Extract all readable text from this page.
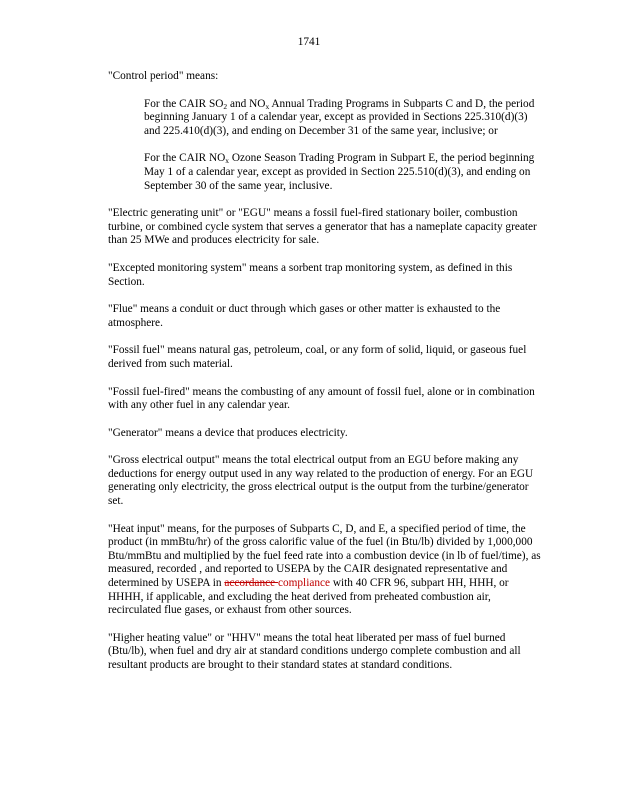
1741

"Control period" means:

For the CAIR $SO_2$ and $NO_x$ Annual Trading Programs in Subparts C and D, the period beginning January 1 of a calendar year, except as provided in Sections 225.310(d)(3) and 225.410(d)(3), and ending on December 31 of the same year, inclusive; or

For the CAIR $NO_x$ Ozone Season Trading Program in Subpart E, the period beginning May 1 of a calendar year, except as provided in Section 225.510(d)(3), and ending on September 30 of the same year, inclusive.

"Electric generating unit" or "EGU" means a fossil fuel-fired stationary boiler, combustion turbine, or combined cycle system that serves a generator that has a nameplate capacity greater than 25 MWe and produces electricity for sale.

"Excepted monitoring system" means a sorbent trap monitoring system, as defined in this Section.

"Flue" means a conduit or duct through which gases or other matter is exhausted to the atmosphere.

"Fossil fuel" means natural gas, petroleum, coal, or any form of solid, liquid, or gaseous fuel derived from such material.

"Fossil fuel-fired" means the combusting of any amount of fossil fuel, alone or in combination with any other fuel in any calendar year.

"Generator" means a device that produces electricity.

"Gross electrical output" means the total electrical output from an EGU before making any deductions for energy output used in any way related to the production of energy. For an EGU generating only electricity, the gross electrical output is the output from the turbine/generator set.

"Heat input" means, for the purposes of Subparts C, D, and E, a specified period of time, the product (in mmBtu/hr) of the gross calorific value of the fuel (in Btu/lb) divided by 1,000,000 Btu/mmBtu and multiplied by the fuel feed rate into a combustion device (in lb of fuel/time), as measured, recorded , and reported to USEPA by the CAIR designated representative and determined by USEPA in accordance compliance with 40 CFR 96, subpart HH, HHH, or HHHH, if applicable, and excluding the heat derived from preheated combustion air, recirculated flue gases, or exhaust from other sources.

"Higher heating value" or "HHV" means the total heat liberated per mass of fuel burned (Btu/lb), when fuel and dry air at standard conditions undergo complete combustion and all resultant products are brought to their standard states at standard conditions.
